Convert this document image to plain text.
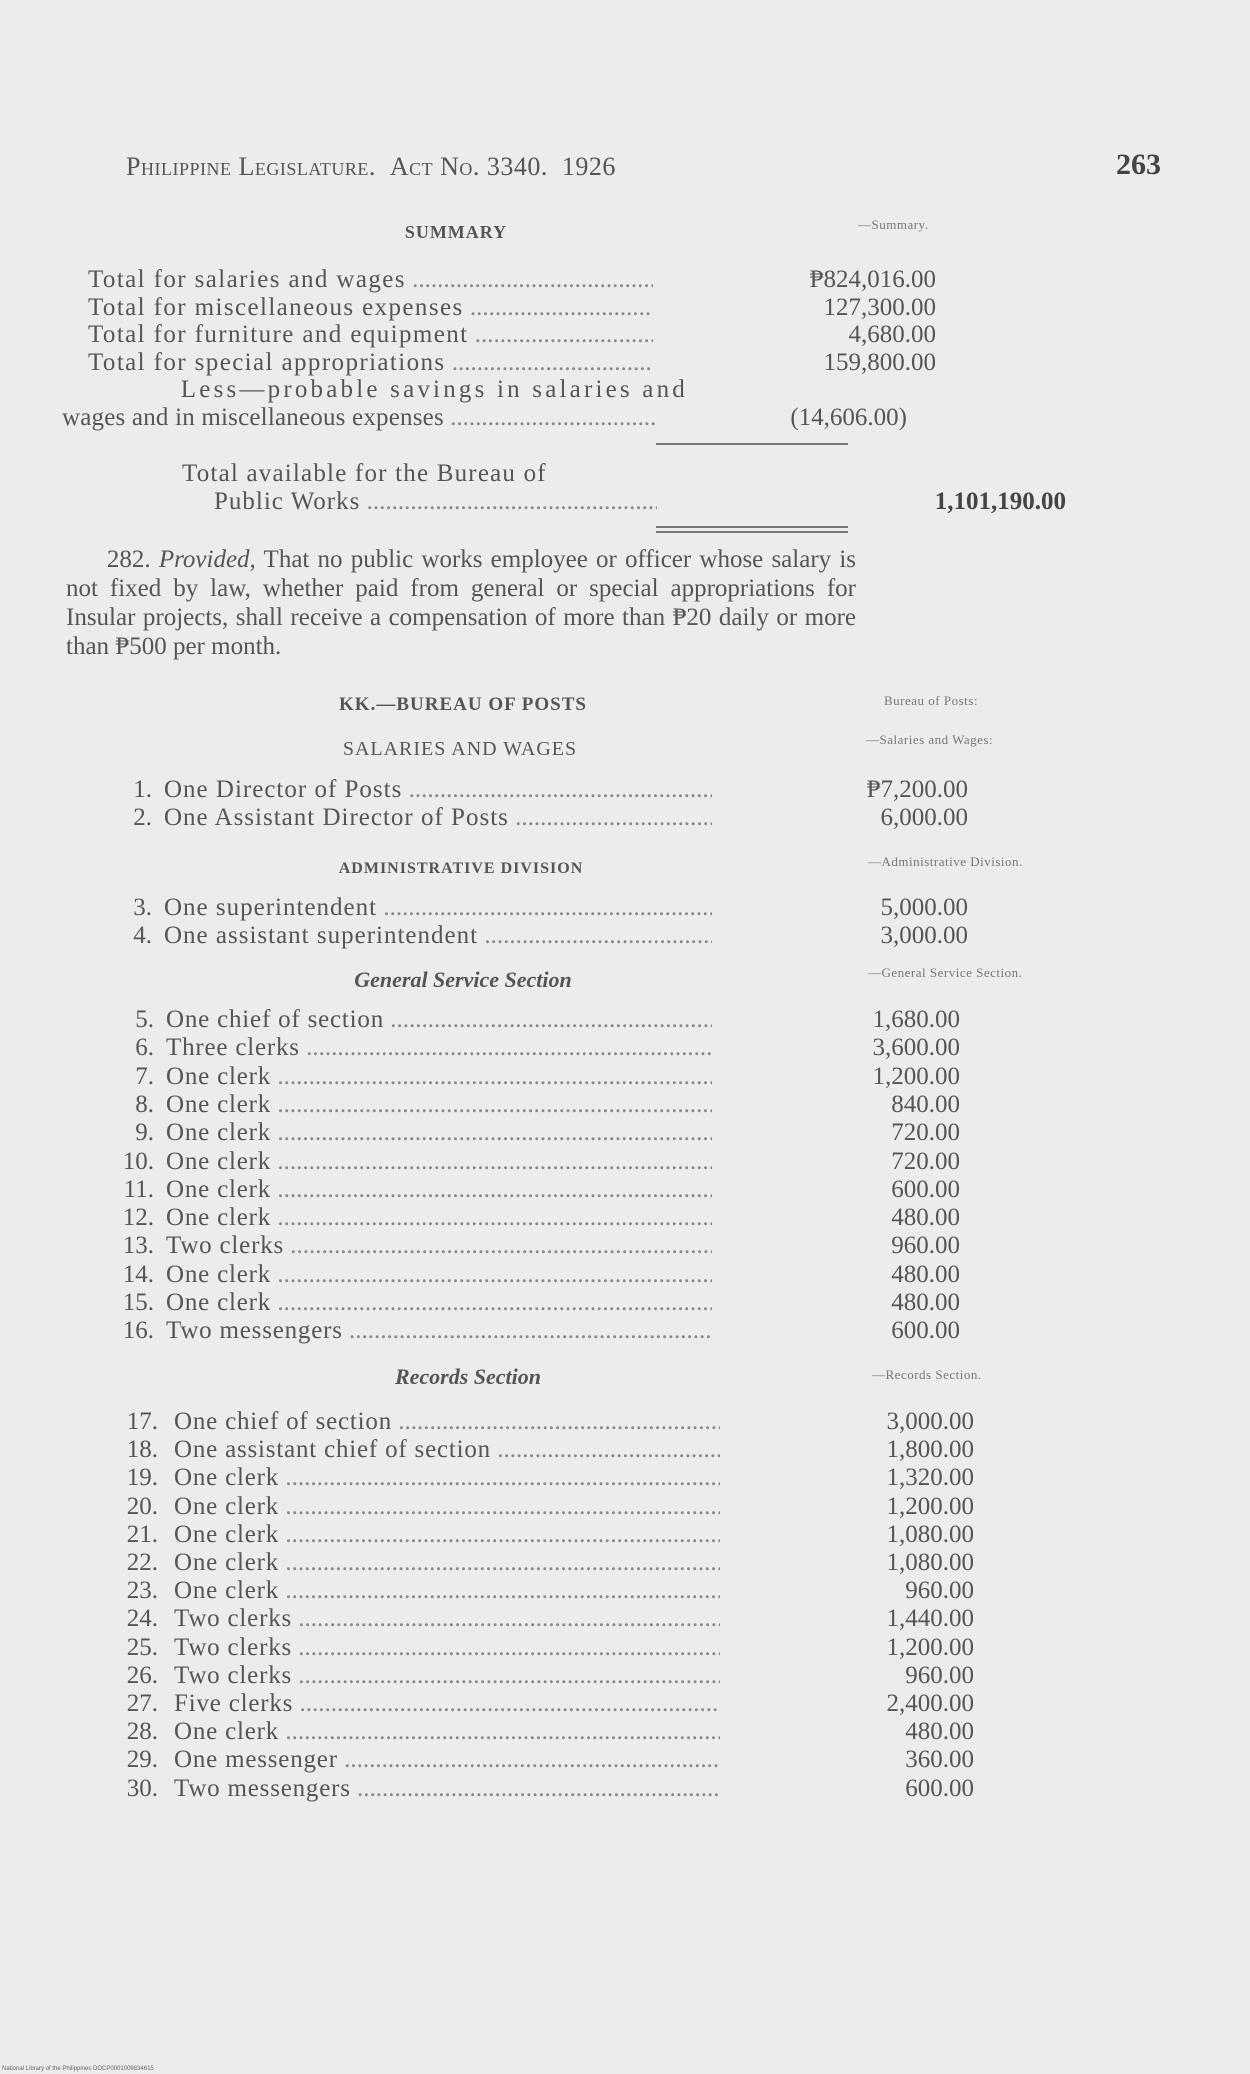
Philippine Legislature. Act No. 3340. 1926	263
SUMMARY	—Summary.
Total for salaries and wages .....	₱824,016.00
Total for miscellaneous expenses .....	127,300.00
Total for furniture and equipment .....	4,680.00
Total for special appropriations .....	159,800.00
Less—probable savings in salaries and
wages and in miscellaneous expenses .....	(14,606.00)
Total available for the Bureau of
Public Works .....	1,101,190.00
282. Provided, That no public works employee or officer whose salary is not fixed by law, whether paid from general or special appropriations for Insular projects, shall receive a compensation of more than ₱20 daily or more than ₱500 per month.
KK.—BUREAU OF POSTS	Bureau of Posts:
SALARIES AND WAGES	—Salaries and Wages:
1. One Director of Posts .....	₱7,200.00
2. One Assistant Director of Posts .....	6,000.00
ADMINISTRATIVE DIVISION	—Administrative Division.
3. One superintendent .....	5,000.00
4. One assistant superintendent .....	3,000.00
General Service Section	—General Service Section.
5. One chief of section .....	1,680.00
6. Three clerks .....	3,600.00
7. One clerk .....	1,200.00
8. One clerk .....	840.00
9. One clerk .....	720.00
10. One clerk .....	720.00
11. One clerk .....	600.00
12. One clerk .....	480.00
13. Two clerks .....	960.00
14. One clerk .....	480.00
15. One clerk .....	480.00
16. Two messengers .....	600.00
Records Section	—Records Section.
17. One chief of section .....	3,000.00
18. One assistant chief of section .....	1,800.00
19. One clerk .....	1,320.00
20. One clerk .....	1,200.00
21. One clerk .....	1,080.00
22. One clerk .....	1,080.00
23. One clerk .....	960.00
24. Two clerks .....	1,440.00
25. Two clerks .....	1,200.00
26. Two clerks .....	960.00
27. Five clerks .....	2,400.00
28. One clerk .....	480.00
29. One messenger .....	360.00
30. Two messengers .....	600.00
National Library of the Philippines DOCP0001009834615
